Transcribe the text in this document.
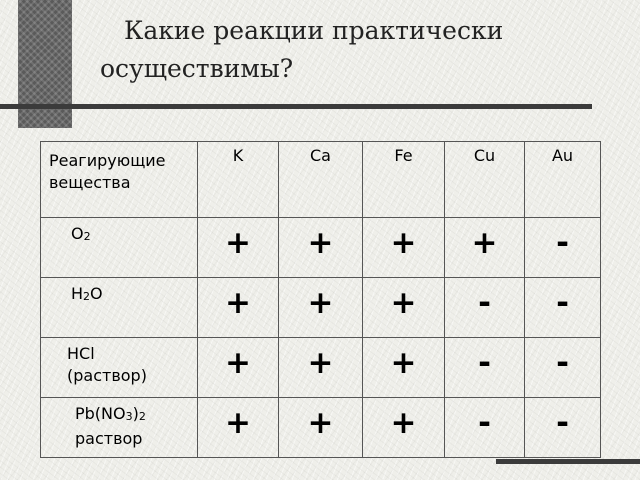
Какие реакции практически
осуществимы?
Реагирующие вещества	K	Ca	Fe	Cu	Au
$O_2$	+	+	+	+	-
$H_2O$	+	+	+	-	-

HCl
(раствор)	+	+	+	-	-

$Pb(NO_3)_2$
раствор	+	+	+	-	-
